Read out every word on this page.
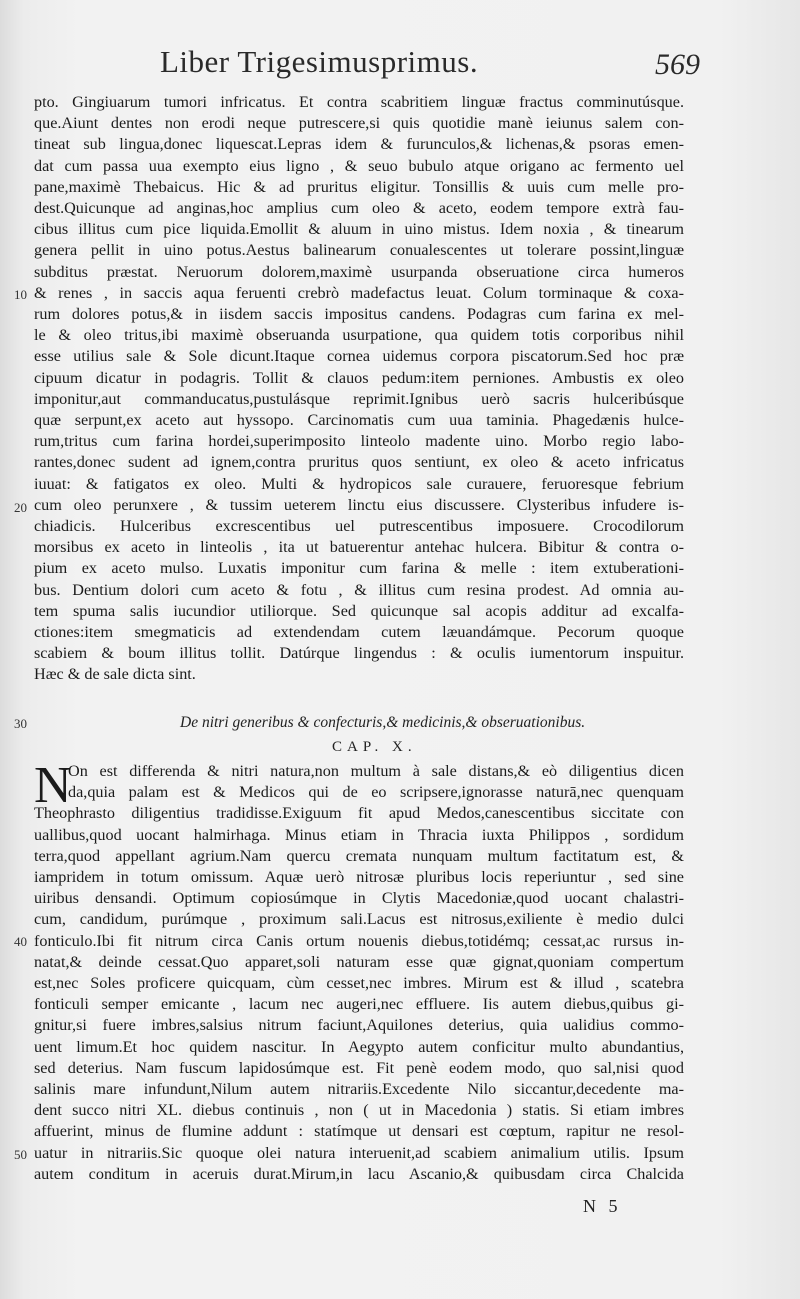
Liber Trigesimusprimus.	569
pto. Gingiuarum tumori infricatus. Et contra scabritiem linguæ fractus comminutúsque.
que.Aiunt dentes non erodi neque putrescere,si quis quotidie manè ieiunus salem con-
tineat sub lingua,donec liquescat.Lepras idem & furunculos,& lichenas,& psoras emen-
dat cum passa uua exempto eius ligno , & seuo bubulo atque origano ac fermento uel
pane,maximè Thebaicus. Hic & ad pruritus eligitur. Tonsillis & uuis cum melle pro-
dest.Quicunque ad anginas,hoc amplius cum oleo & aceto, eodem tempore extrà fau-
cibus illitus cum pice liquida.Emollit & aluum in uino mistus. Idem noxia , & tinearum
genera pellit in uino potus.Aestus balinearum conualescentes ut tolerare possint,linguæ
subditus præstat. Neruorum dolorem,maximè usurpanda obseruatione circa humeros
& renes , in saccis aqua feruenti crebrò madefactus leuat. Colum torminaque & coxa-
rum dolores potus,& in iisdem saccis impositus candens. Podagras cum farina ex mel-
le & oleo tritus,ibi maximè obseruanda usurpatione, qua quidem totis corporibus nihil
esse utilius sale & Sole dicunt.Itaque cornea uidemus corpora piscatorum.Sed hoc præ
cipuum dicatur in podagris. Tollit & clauos pedum:item perniones. Ambustis ex oleo
imponitur,aut commanducatus,pustulásque reprimit.Ignibus uerò sacris hulceribúsque
quæ serpunt,ex aceto aut hyssopo. Carcinomatis cum uua taminia. Phagedænis hulce-
rum,tritus cum farina hordei,superimposito linteolo madente uino. Morbo regio labo-
rantes,donec sudent ad ignem,contra pruritus quos sentiunt, ex oleo & aceto infricatus
iuuat: & fatigatos ex oleo. Multi & hydropicos sale curauere, feruoresque febrium
cum oleo perunxere , & tussim ueterem linctu eius discussere. Clysteribus infudere is-
chiadicis. Hulceribus excrescentibus uel putrescentibus imposuere. Crocodilorum
morsibus ex aceto in linteolis , ita ut batuerentur antehac hulcera. Bibitur & contra o-
pium ex aceto mulso. Luxatis imponitur cum farina & melle : item extuberationi-
bus. Dentium dolori cum aceto & fotu , & illitus cum resina prodest. Ad omnia au-
tem spuma salis iucundior utiliorque. Sed quicunque sal acopis additur ad excalfa-
ctiones:item smegmaticis ad extendendam cutem læuandámque. Pecorum quoque
scabiem & boum illitus tollit. Datúrque lingendus : & oculis iumentorum inspuitur.
Hæc & de sale dicta sint.
De nitri generibus & confecturis,& medicinis,& obseruationibus.
CAP. X.
N
On est differenda & nitri natura,non multum à sale distans,& eò diligentius dicen
da,quia palam est & Medicos qui de eo scripsere,ignorasse naturā,nec quenquam
Theophrasto diligentius tradidisse.Exiguum fit apud Medos,canescentibus siccitate con
uallibus,quod uocant halmirhaga. Minus etiam in Thracia iuxta Philippos , sordidum
terra,quod appellant agrium.Nam quercu cremata nunquam multum factitatum est, &
iampridem in totum omissum. Aquæ uerò nitrosæ pluribus locis reperiuntur , sed sine
uiribus densandi. Optimum copiosúmque in Clytis Macedoniæ,quod uocant chalastri-
cum, candidum, purúmque , proximum sali.Lacus est nitrosus,exiliente è medio dulci
fonticulo.Ibi fit nitrum circa Canis ortum nouenis diebus,totidémq; cessat,ac rursus in-
natat,& deinde cessat.Quo apparet,soli naturam esse quæ gignat,quoniam compertum
est,nec Soles proficere quicquam, cùm cesset,nec imbres. Mirum est & illud , scatebra
fonticuli semper emicante , lacum nec augeri,nec effluere. Iis autem diebus,quibus gi-
gnitur,si fuere imbres,salsius nitrum faciunt,Aquilones deterius, quia ualidius commo-
uent limum.Et hoc quidem nascitur. In Aegypto autem conficitur multo abundantius,
sed deterius. Nam fuscum lapidosúmque est. Fit penè eodem modo, quo sal,nisi quod
salinis mare infundunt,Nilum autem nitrariis.Excedente Nilo siccantur,decedente ma-
dent succo nitri XL. diebus continuis , non ( ut in Macedonia ) statis. Si etiam imbres
affuerint, minus de flumine addunt : statímque ut densari est cœptum, rapitur ne resol-
uatur in nitrariis.Sic quoque olei natura interuenit,ad scabiem animalium utilis. Ipsum
autem conditum in aceruis durat.Mirum,in lacu Ascanio,& quibusdam circa Chalcida
10
20
30
40
50
N 5
